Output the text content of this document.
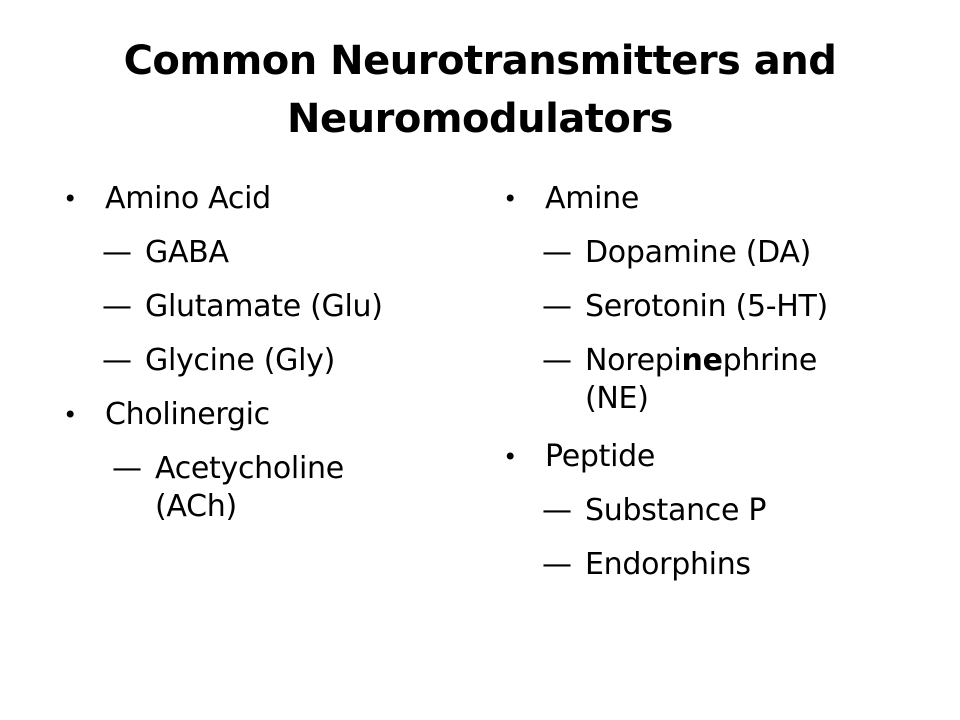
Common Neurotransmitters and Neuromodulators
• Amino Acid
— GABA
— Glutamate (Glu)
— Glycine (Gly)
• Cholinergic
— Acetycholine (ACh)
• Amine
— Dopamine (DA)
— Serotonin (5-HT)
— Norepinephrine (NE)
• Peptide
— Substance P
— Endorphins
